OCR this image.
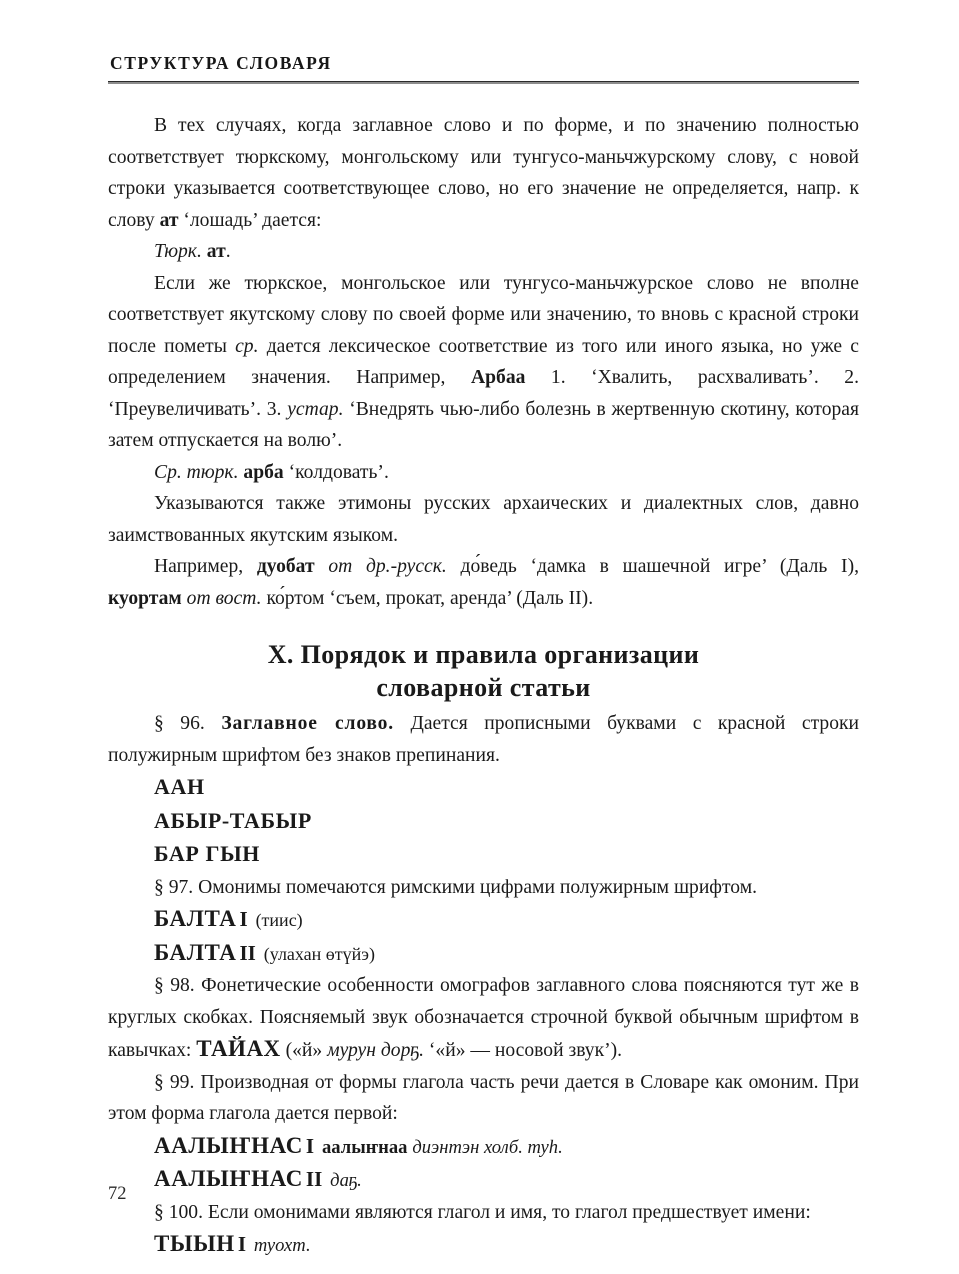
СТРУКТУРА СЛОВАРЯ

В тех случаях, когда заглавное слово и по форме, и по значению полностью соответствует тюркскому, монгольскому или тунгусо-маньчжурскому слову, с новой строки указывается соответствующее слово, но его значение не определяется, напр. к слову ат ‘лошадь’ дается:

Тюрк. ат.

Если же тюркское, монгольское или тунгусо-маньчжурское слово не вполне соответствует якутскому слову по своей форме или значению, то вновь с красной строки после пометы ср. дается лексическое соответствие из того или иного языка, но уже с определением значения. Например, Арбаа 1. ‘Хвалить, расхваливать’. 2. ‘Преувеличивать’. 3. устар. ‘Внедрять чью-либо болезнь в жертвенную скотину, которая затем отпускается на волю’.

Ср. тюрк. арба ‘колдовать’.

Указываются также этимоны русских архаических и диалектных слов, давно заимствованных якутским языком.

Например, дуобат от др.-русск. до́ведь ‘дамка в шашечной игре’ (Даль I), куортам от вост. ко́ртом ‘съем, прокат, аренда’ (Даль II).

X. Порядок и правила организации
словарной статьи

§ 96. Заглавное слово. Дается прописными буквами с красной строки полужирным шрифтом без знаков препинания.

ААН

АБЫР-ТАБЫР

БАР ГЫН

§ 97. Омонимы помечаются римскими цифрами полужирным шрифтом.

БАЛТА I (тиис)

БАЛТА II (улахан өтүйэ)

§ 98. Фонетические особенности омографов заглавного слова поясняются тут же в круглых скобках. Поясняемый звук обозначается строчной буквой обычным шрифтом в кавычках: ТАЙАХ («й» мурун дорҕ. ‘«й» — носовой звук’).

§ 99. Производная от формы глагола часть речи дается в Словаре как омоним. При этом форма глагола дается первой:

ААЛЫҤНАС I аалыҥнаа диэнтэн холб. туһ.

ААЛЫҤНАС II даҕ.

§ 100. Если омонимами являются глагол и имя, то глагол предшествует имени:

ТЫЫН I туохт.

72
